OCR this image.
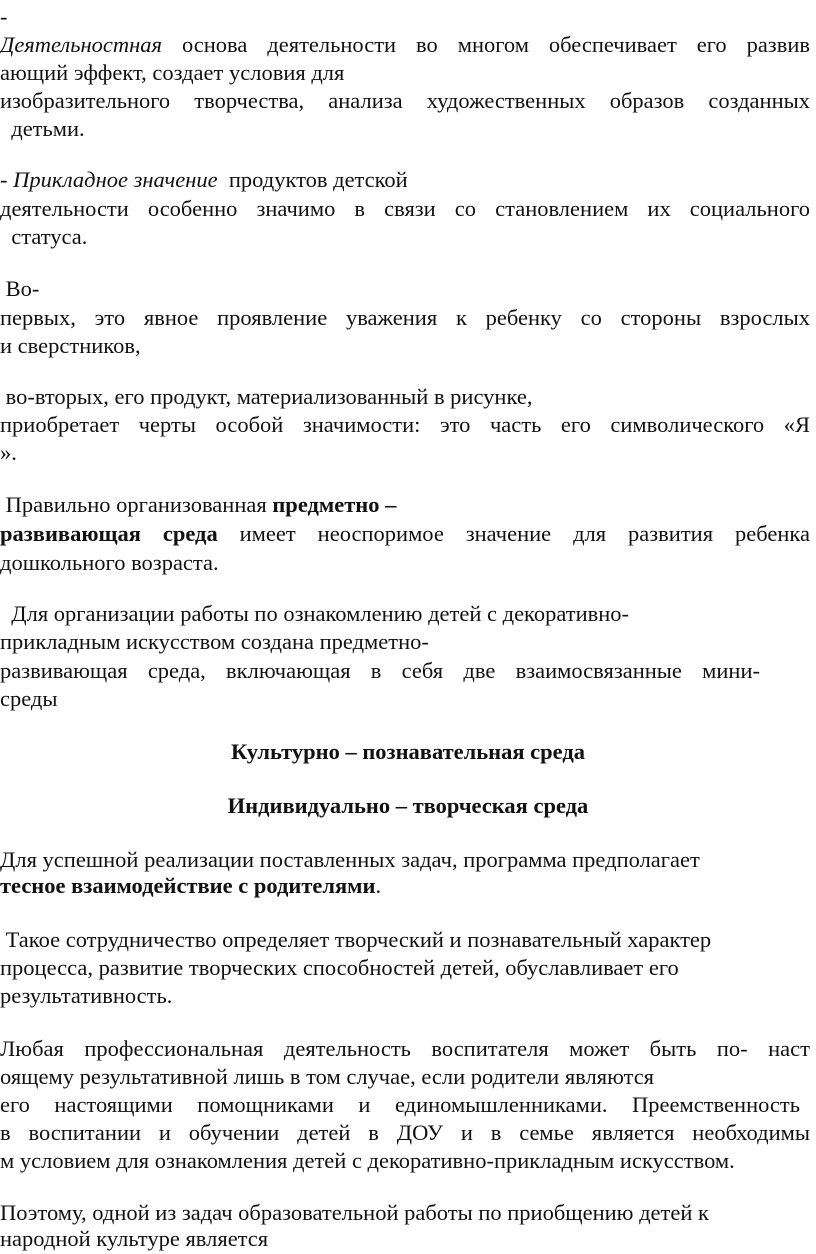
-
Деятельностная основа деятельности во многом обеспечивает его развив
ающий эффект, создает условия для
изобразительного творчества, анализа художественных образов созданных
детьми.
- Прикладное значение  продуктов детской
деятельности особенно значимо в связи со становлением их социального
статуса.
Во-
первых, это явное проявление уважения к ребенку со стороны взрослых
и сверстников,
во-вторых, его продукт, материализованный в рисунке,
приобретает черты особой значимости: это часть его символического «Я
».
Правильно организованная предметно –
развивающая среда имеет неоспоримое значение для развития ребенка
дошкольного возраста.
Для организации работы по ознакомлению детей с декоративно-
прикладным искусством создана предметно-
развивающая среда, включающая в себя две взаимосвязанные мини-
среды
Культурно – познавательная среда
Индивидуально – творческая среда
Для успешной реализации поставленных задач, программа предполагает
тесное взаимодействие с родителями.
Такое сотрудничество определяет творческий и познавательный характер
процесса, развитие творческих способностей детей, обуславливает его
результативность.
Любая профессиональная деятельность воспитателя может быть по- наст
оящему результативной лишь в том случае, если родители являются
его настоящими помощниками и единомышленниками. Преемственность
в воспитании и обучении детей в ДОУ и в семье является необходимы
м условием для ознакомления детей с декоративно-прикладным искусством.
Поэтому, одной из задач образовательной работы по приобщению детей к
народной культуре является
